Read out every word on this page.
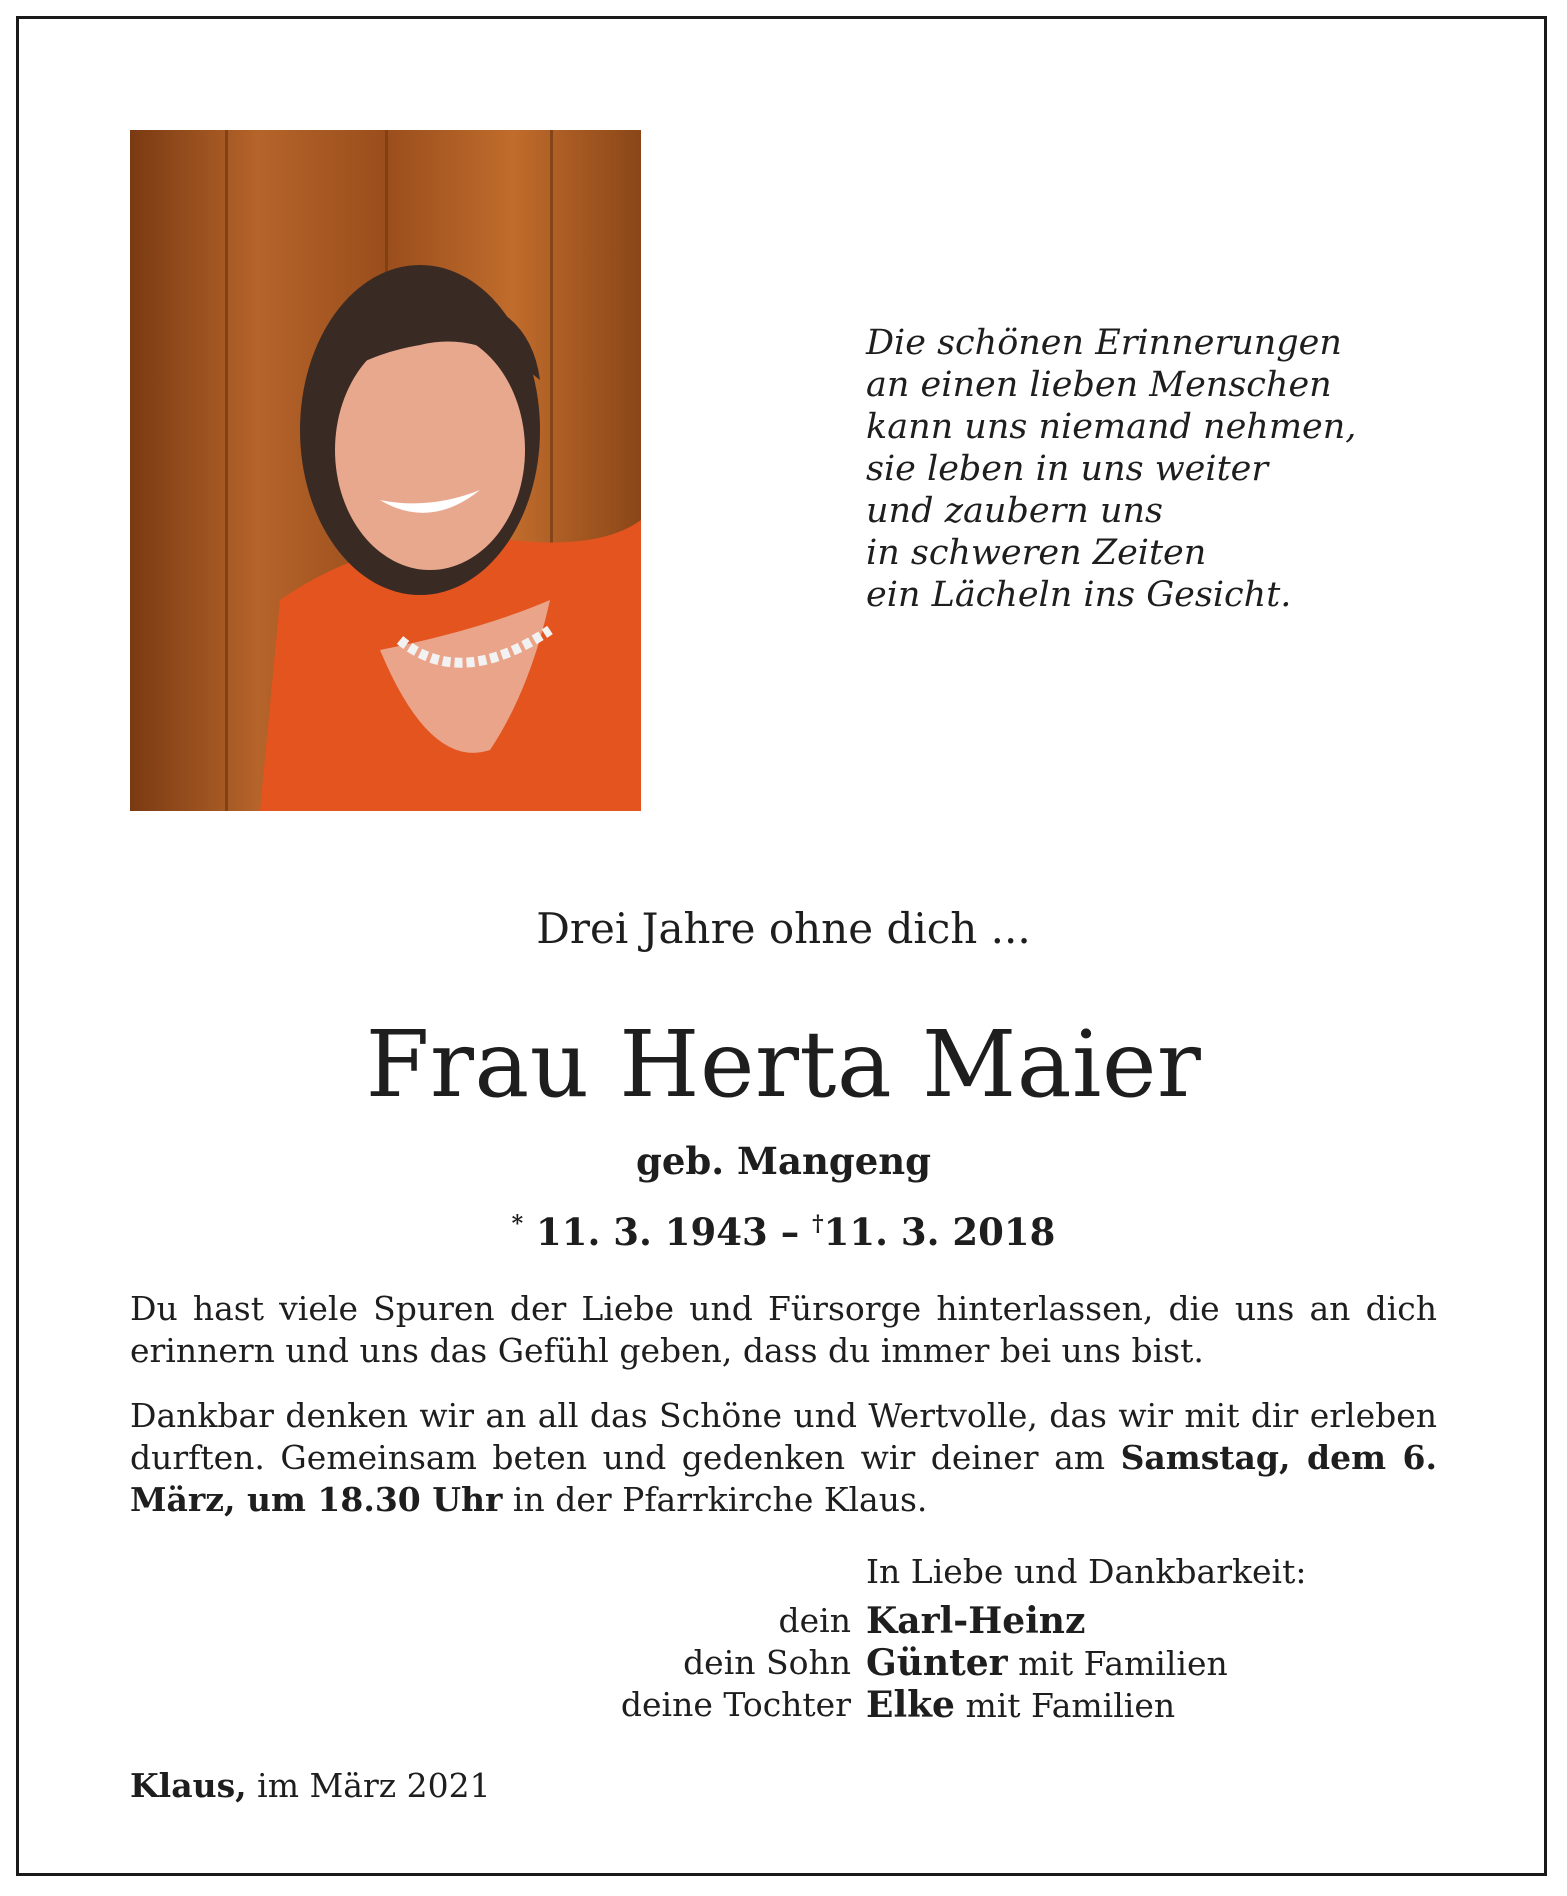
Die schönen Erinnerungen
an einen lieben Menschen
kann uns niemand nehmen,
sie leben in uns weiter
und zaubern uns
in schweren Zeiten
ein Lächeln ins Gesicht.
Drei Jahre ohne dich ...
Frau Herta Maier
geb. Mangeng
* 11. 3. 1943 – †11. 3. 2018
Du hast viele Spuren der Liebe und Fürsorge hinterlassen, die uns an dich erinnern und uns das Gefühl geben, dass du immer bei uns bist.
Dankbar denken wir an all das Schöne und Wertvolle, das wir mit dir erleben durften. Gemeinsam beten und gedenken wir deiner am Samstag, dem 6. März, um 18.30 Uhr in der Pfarrkirche Klaus.
In Liebe und Dankbarkeit:
dein Karl-Heinz
dein Sohn Günter mit Familien
deine Tochter Elke mit Familien
Klaus, im März 2021
